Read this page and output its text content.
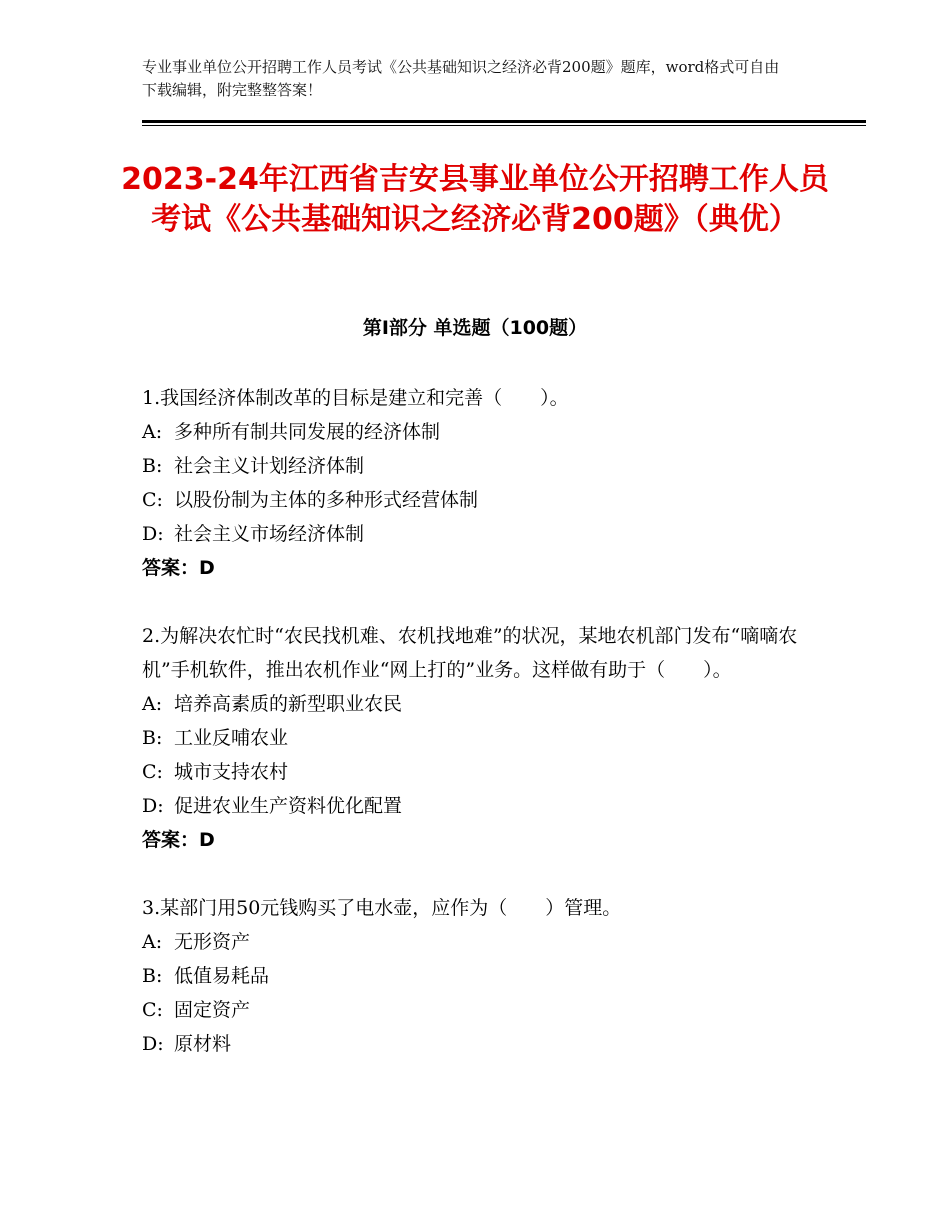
专业事业单位公开招聘工作人员考试《公共基础知识之经济必背200题》题库，word格式可自由下载编辑，附完整整答案！
2023-24年江西省吉安县事业单位公开招聘工作人员考试《公共基础知识之经济必背200题》（典优）
第Ⅰ部分 单选题（100题）
1.我国经济体制改革的目标是建立和完善（　　）。
A: 多种所有制共同发展的经济体制
B: 社会主义计划经济体制
C: 以股份制为主体的多种形式经营体制
D: 社会主义市场经济体制
答案：D
2.为解决农忙时“农民找机难、农机找地难”的状况，某地农机部门发布“嘀嘀农机”手机软件，推出农机作业“网上打的”业务。这样做有助于（　　）。
A: 培养高素质的新型职业农民
B: 工业反哺农业
C: 城市支持农村
D: 促进农业生产资料优化配置
答案：D
3.某部门用50元钱购买了电水壶，应作为（　　）管理。
A: 无形资产
B: 低值易耗品
C: 固定资产
D: 原材料
